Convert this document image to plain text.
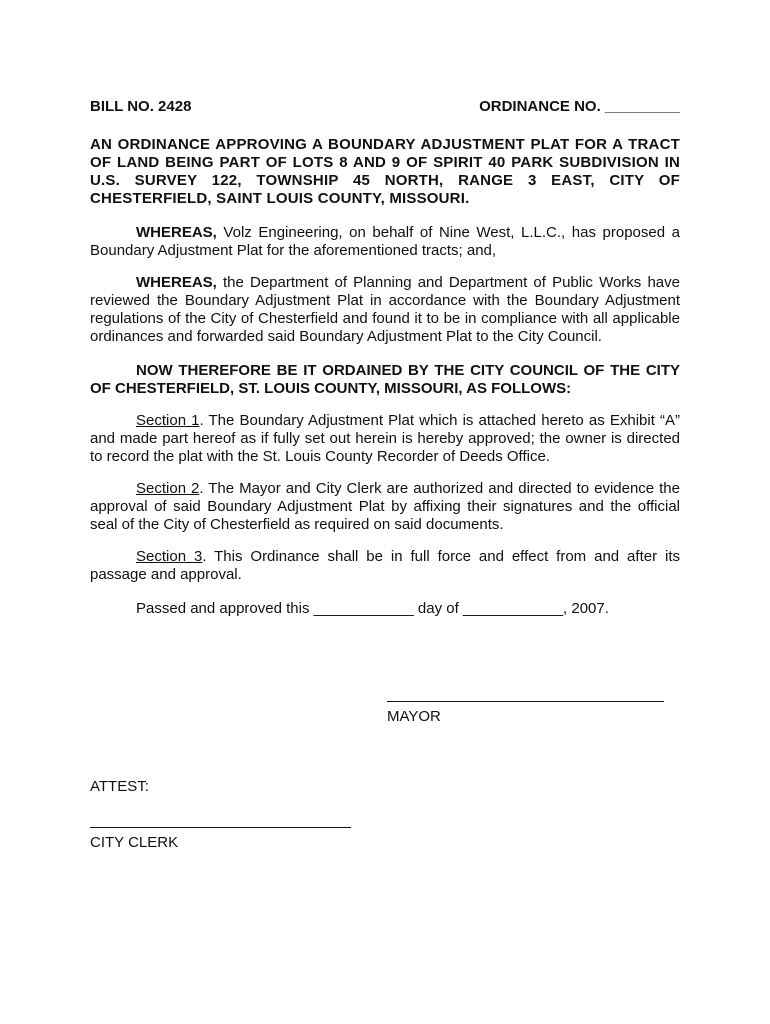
BILL NO. 2428	ORDINANCE NO. _________
AN ORDINANCE APPROVING A BOUNDARY ADJUSTMENT PLAT FOR A TRACT OF LAND BEING PART OF LOTS 8 AND 9 OF SPIRIT 40 PARK SUBDIVISION IN U.S. SURVEY 122, TOWNSHIP 45 NORTH, RANGE 3 EAST, CITY OF CHESTERFIELD, SAINT LOUIS COUNTY, MISSOURI.
WHEREAS, Volz Engineering, on behalf of Nine West, L.L.C., has proposed a Boundary Adjustment Plat for the aforementioned tracts; and,
WHEREAS, the Department of Planning and Department of Public Works have reviewed the Boundary Adjustment Plat in accordance with the Boundary Adjustment regulations of the City of Chesterfield and found it to be in compliance with all applicable ordinances and forwarded said Boundary Adjustment Plat to the City Council.
NOW THEREFORE BE IT ORDAINED BY THE CITY COUNCIL OF THE CITY OF CHESTERFIELD, ST. LOUIS COUNTY, MISSOURI, AS FOLLOWS:
Section 1. The Boundary Adjustment Plat which is attached hereto as Exhibit “A” and made part hereof as if fully set out herein is hereby approved; the owner is directed to record the plat with the St. Louis County Recorder of Deeds Office.
Section 2. The Mayor and City Clerk are authorized and directed to evidence the approval of said Boundary Adjustment Plat by affixing their signatures and the official seal of the City of Chesterfield as required on said documents.
Section 3. This Ordinance shall be in full force and effect from and after its passage and approval.
Passed and approved this ____________ day of ____________, 2007.
MAYOR
ATTEST:
CITY CLERK
